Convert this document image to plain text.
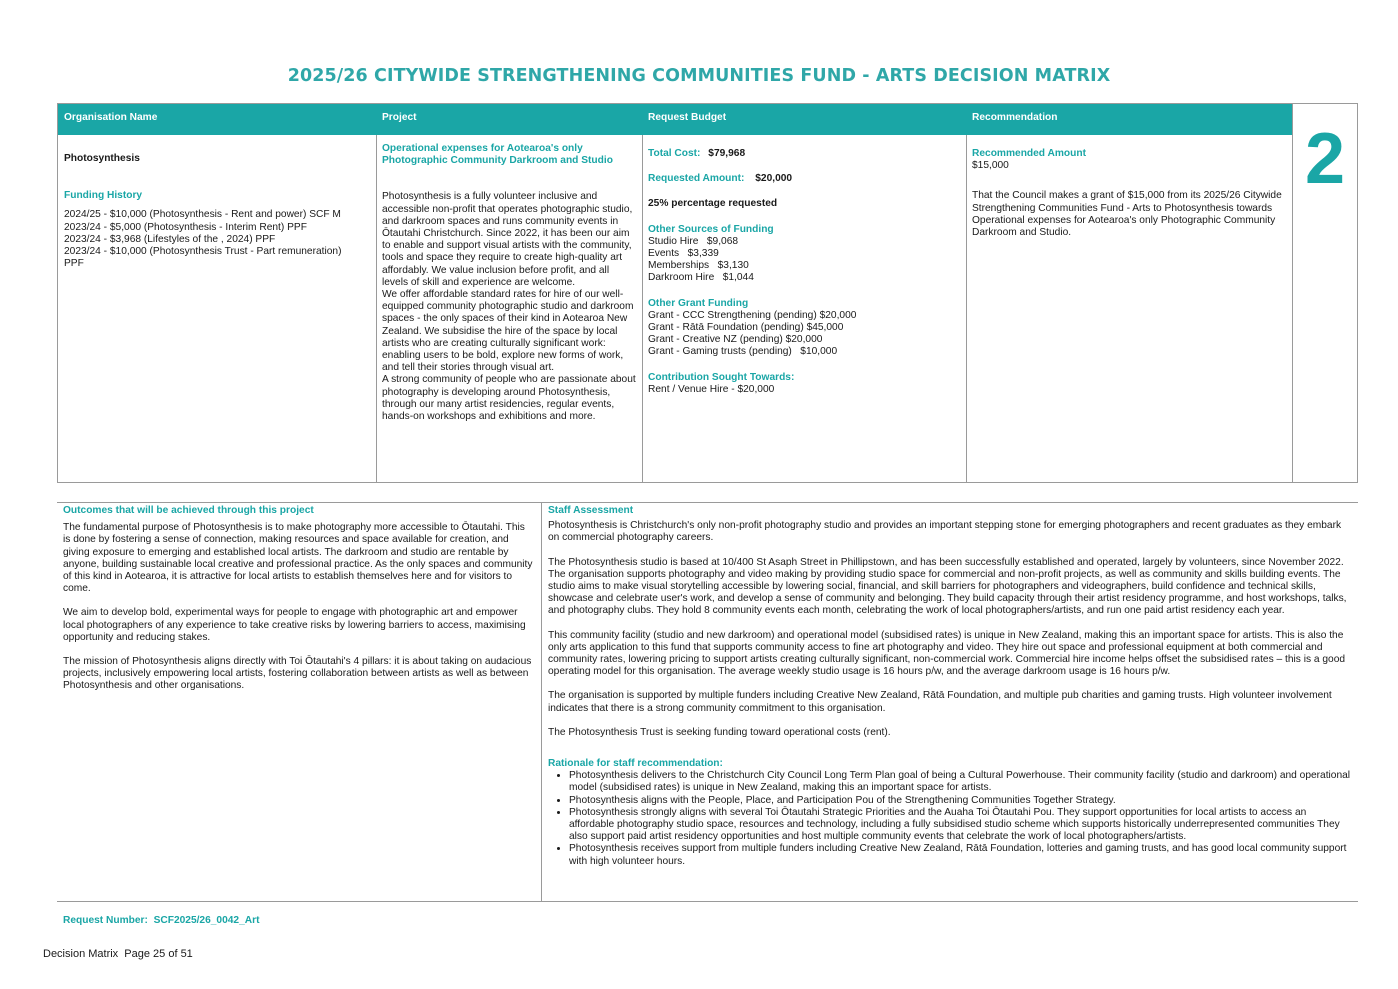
2025/26 CITYWIDE STRENGTHENING COMMUNITIES FUND - ARTS DECISION MATRIX
Organisation Name
Photosynthesis
Funding History
2024/25 - $10,000 (Photosynthesis - Rent and power) SCF M
2023/24 - $5,000 (Photosynthesis - Interim Rent) PPF
2023/24 - $3,968 (Lifestyles of the , 2024) PPF
2023/24 - $10,000 (Photosynthesis Trust - Part remuneration) PPF
Project
Operational expenses for Aotearoa's only Photographic Community Darkroom and Studio

Photosynthesis is a fully volunteer inclusive and accessible non-profit that operates photographic studio, and darkroom spaces and runs community events in Ōtautahi Christchurch. Since 2022, it has been our aim to enable and support visual artists with the community, tools and space they require to create high-quality art affordably. We value inclusion before profit, and all levels of skill and experience are welcome.

We offer affordable standard rates for hire of our well-equipped community photographic studio and darkroom spaces - the only spaces of their kind in Aotearoa New Zealand. We subsidise the hire of the space by local artists who are creating culturally significant work: enabling users to be bold, explore new forms of work, and tell their stories through visual art.

A strong community of people who are passionate about photography is developing around Photosynthesis, through our many artist residencies, regular events, hands-on workshops and exhibitions and more.

Request Budget
Total Cost: $79,968
Requested Amount: $20,000
25% percentage requested
Other Sources of Funding
Studio Hire   $9,068
Events   $3,339
Memberships   $3,130
Darkroom Hire   $1,044
Other Grant Funding
Grant - CCC Strengthening (pending) $20,000
Grant - Rātā Foundation (pending) $45,000
Grant - Creative NZ (pending) $20,000
Grant - Gaming trusts (pending)   $10,000
Contribution Sought Towards:
Rent / Venue Hire - $20,000
Recommendation
Recommended Amount
$15,000
That the Council makes a grant of $15,000 from its 2025/26 Citywide Strengthening Communities Fund - Arts to Photosynthesis towards Operational expenses for Aotearoa's only Photographic Community Darkroom and Studio.
2
Outcomes that will be achieved through this project

The fundamental purpose of Photosynthesis is to make photography more accessible to Ōtautahi. This is done by fostering a sense of connection, making resources and space available for creation, and giving exposure to emerging and established local artists. The darkroom and studio are rentable by anyone, building sustainable local creative and professional practice. As the only spaces and community of this kind in Aotearoa, it is attractive for local artists to establish themselves here and for visitors to come.

We aim to develop bold, experimental ways for people to engage with photographic art and empower local photographers of any experience to take creative risks by lowering barriers to access, maximising opportunity and reducing stakes.

The mission of Photosynthesis aligns directly with Toi Ōtautahi's 4 pillars: it is about taking on audacious projects, inclusively empowering local artists, fostering collaboration between artists as well as between Photosynthesis and other organisations.

Staff Assessment

Photosynthesis is Christchurch's only non-profit photography studio and provides an important stepping stone for emerging photographers and recent graduates as they embark on commercial photography careers.

The Photosynthesis studio is based at 10/400 St Asaph Street in Phillipstown, and has been successfully established and operated, largely by volunteers, since November 2022. The organisation supports photography and video making by providing studio space for commercial and non-profit projects, as well as community and skills building events. The studio aims to make visual storytelling accessible by lowering social, financial, and skill barriers for photographers and videographers, build confidence and technical skills, showcase and celebrate user's work, and develop a sense of community and belonging. They build capacity through their artist residency programme, and host workshops, talks, and photography clubs. They hold 8 community events each month, celebrating the work of local photographers/artists, and run one paid artist residency each year.

This community facility (studio and new darkroom) and operational model (subsidised rates) is unique in New Zealand, making this an important space for artists. This is also the only arts application to this fund that supports community access to fine art photography and video. They hire out space and professional equipment at both commercial and community rates, lowering pricing to support artists creating culturally significant, non-commercial work. Commercial hire income helps offset the subsidised rates – this is a good operating model for this organisation. The average weekly studio usage is 16 hours p/w, and the average darkroom usage is 16 hours p/w.

The organisation is supported by multiple funders including Creative New Zealand, Rātā Foundation, and multiple pub charities and gaming trusts. High volunteer involvement indicates that there is a strong community commitment to this organisation.

The Photosynthesis Trust is seeking funding toward operational costs (rent).

Rationale for staff recommendation:
• Photosynthesis delivers to the Christchurch City Council Long Term Plan goal of being a Cultural Powerhouse. Their community facility (studio and darkroom) and operational model (subsidised rates) is unique in New Zealand, making this an important space for artists.
• Photosynthesis aligns with the People, Place, and Participation Pou of the Strengthening Communities Together Strategy.
• Photosynthesis strongly aligns with several Toi Ōtautahi Strategic Priorities and the Auaha Toi Ōtautahi Pou. They support opportunities for local artists to access an affordable photography studio space, resources and technology, including a fully subsidised studio scheme which supports historically underrepresented communities They also support paid artist residency opportunities and host multiple community events that celebrate the work of local photographers/artists.
• Photosynthesis receives support from multiple funders including Creative New Zealand, Rātā Foundation, lotteries and gaming trusts, and has good local community support with high volunteer hours.
Request Number:  SCF2025/26_0042_Art
Decision Matrix  Page 25 of 51
